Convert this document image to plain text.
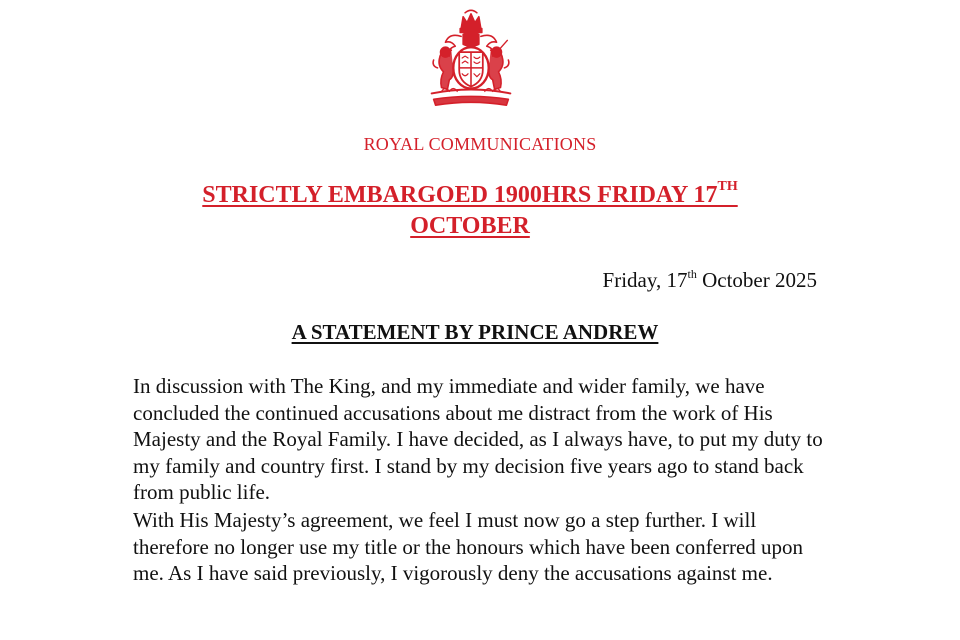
ROYAL COMMUNICATIONS
STRICTLY EMBARGOED 1900HRS FRIDAY 17TH
OCTOBER
Friday, 17th October 2025
A STATEMENT BY PRINCE ANDREW

In discussion with The King, and my immediate and wider family, we have concluded the continued accusations about me distract from the work of His Majesty and the Royal Family. I have decided, as I always have, to put my duty to my family and country first. I stand by my decision five years ago to stand back from public life.

With His Majesty’s agreement, we feel I must now go a step further. I will therefore no longer use my title or the honours which have been conferred upon me. As I have said previously, I vigorously deny the accusations against me.
